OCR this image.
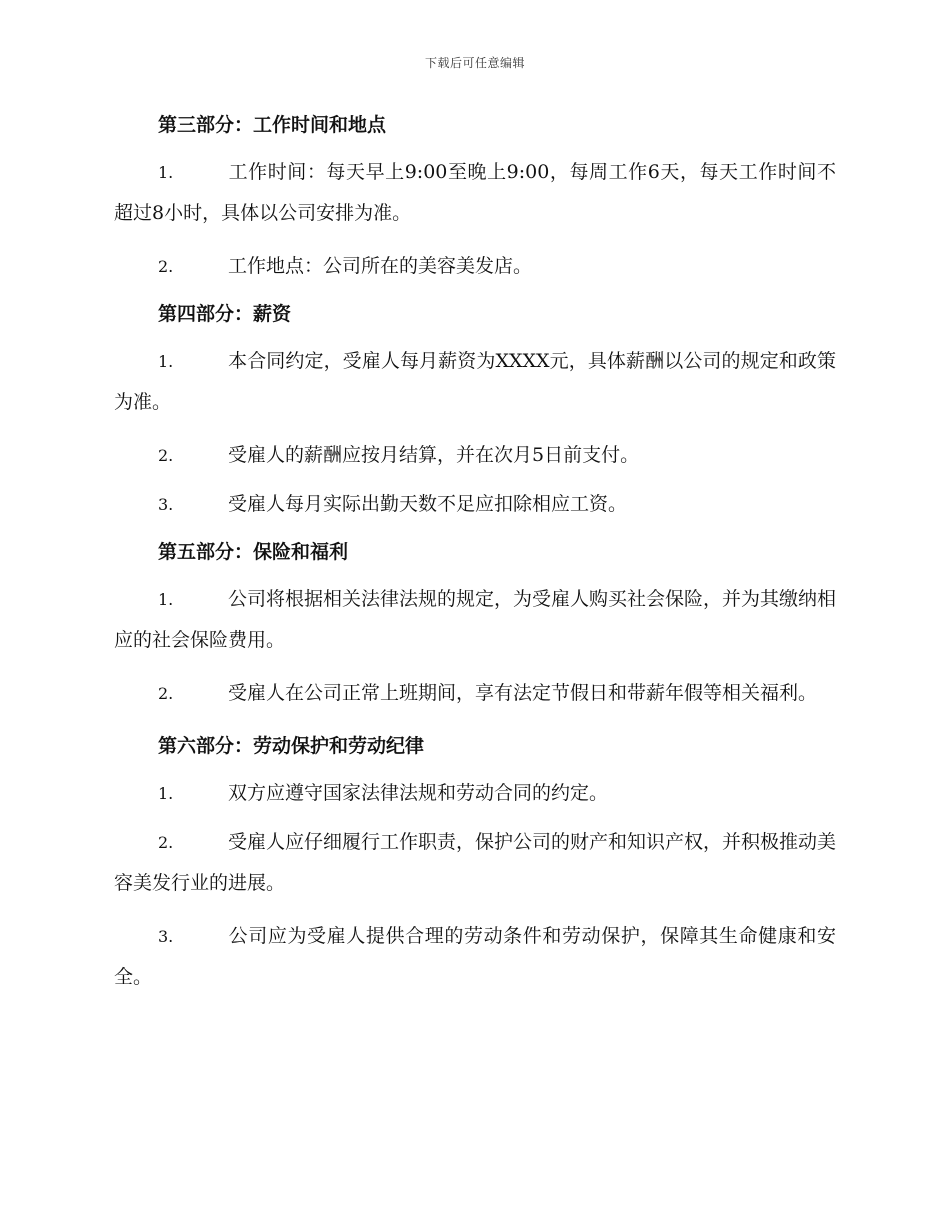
下载后可任意编辑

第三部分：工作时间和地点

1.	工作时间：每天早上9:00至晚上9:00，每周工作6天，每天工作时间不超过8小时，具体以公司安排为准。

2.	工作地点：公司所在的美容美发店。

第四部分：薪资

1.	本合同约定，受雇人每月薪资为XXXX元，具体薪酬以公司的规定和政策为准。

2.	受雇人的薪酬应按月结算，并在次月5日前支付。

3.	受雇人每月实际出勤天数不足应扣除相应工资。

第五部分：保险和福利

1.	公司将根据相关法律法规的规定，为受雇人购买社会保险，并为其缴纳相应的社会保险费用。

2.	受雇人在公司正常上班期间，享有法定节假日和带薪年假等相关福利。

第六部分：劳动保护和劳动纪律

1.	双方应遵守国家法律法规和劳动合同的约定。

2.	受雇人应仔细履行工作职责，保护公司的财产和知识产权，并积极推动美容美发行业的进展。

3.	公司应为受雇人提供合理的劳动条件和劳动保护，保障其生命健康和安全。
